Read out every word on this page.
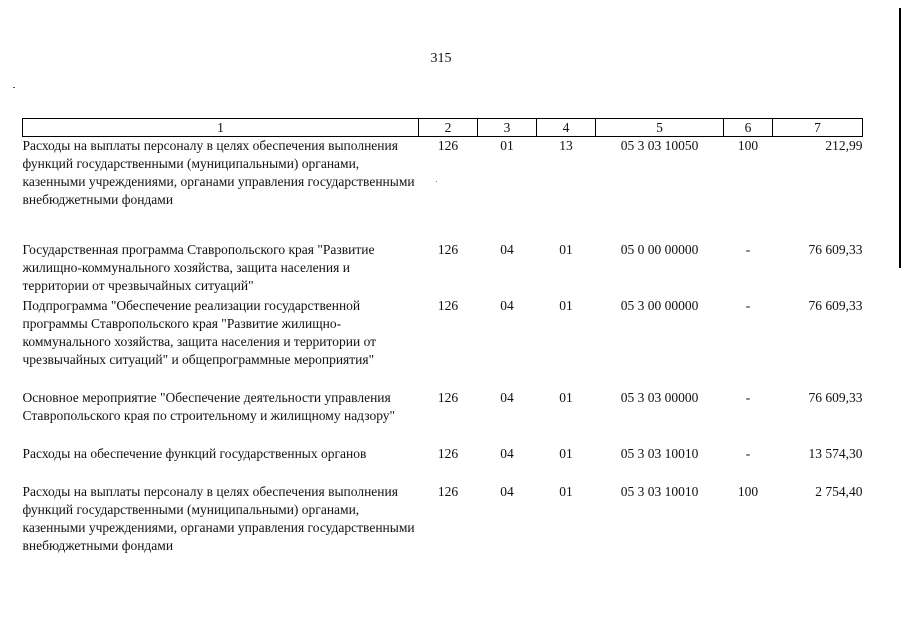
315
1	2	3	4	5	6	7
Расходы на выплаты персоналу в целях обеспечения выполнения функций государственными (муниципальными) органами, казенными учреждениями, органами управления государственными внебюджетными фондами	126	01	13	05 3 03 10050	100	212,99
Государственная программа Ставропольского края "Развитие жилищно-коммунального хозяйства, защита населения и территории от чрезвычайных ситуаций"	126	04	01	05 0 00 00000	-	76 609,33
Подпрограмма "Обеспечение реализации государственной программы Ставропольского края "Развитие жилищно-коммунального хозяйства, защита населения и территории от чрезвычайных ситуаций" и общепрограммные мероприятия"	126	04	01	05 3 00 00000	-	76 609,33
Основное мероприятие "Обеспечение деятельности управления Ставропольского края по строительному и жилищному надзору"	126	04	01	05 3 03 00000	-	76 609,33
Расходы на обеспечение функций государственных органов	126	04	01	05 3 03 10010	-	13 574,30
Расходы на выплаты персоналу в целях обеспечения выполнения функций государственными (муниципальными) органами, казенными учреждениями, органами управления государственными внебюджетными фондами	126	04	01	05 3 03 10010	100	2 754,40
